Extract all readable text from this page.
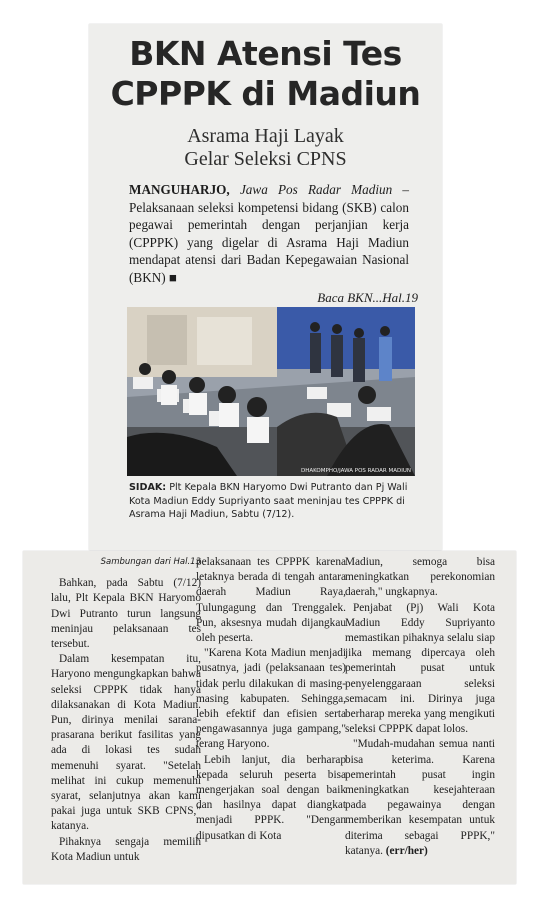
BKN Atensi Tes
CPPPK di Madiun
Asrama Haji Layak
Gelar Seleksi CPNS
MANGUHARJO, Jawa Pos Radar Madiun – Pelaksanaan seleksi kompetensi bidang (SKB) calon pegawai pemerintah dengan perjanjian kerja (CPPPK) yang digelar di Asrama Haji Madiun mendapat atensi dari Badan Kepegawaian Nasional (BKN) ■
Baca BKN...Hal.19
DHAKOMPHO/JAWA POS RADAR MADIUN
SIDAK: Plt Kepala BKN Haryomo Dwi Putranto dan Pj Wali Kota Madiun Eddy Supriyanto saat meninjau tes CPPPK di Asrama Haji Madiun, Sabtu (7/12).

Sambungan dari Hal.13

Bahkan, pada Sabtu (7/12) lalu, Plt Kepala BKN Haryomo Dwi Putranto turun langsung meninjau pelaksanaan tes tersebut.

Dalam kesempatan itu, Haryono mengungkapkan bahwa seleksi CPPPK tidak hanya dilaksanakan di Kota Madiun. Pun, dirinya menilai sarana-prasarana berikut fasilitas yang ada di lokasi tes sudah memenuhi syarat. "Setelah melihat ini cukup memenuhi syarat, selanjutnya akan kami pakai juga untuk SKB CPNS," katanya.

Pihaknya sengaja memilih Kota Madiun untuk

pelaksanaan tes CPPPK karena letaknya berada di tengah antara daerah Madiun Raya, Tulungagung dan Trenggalek. Pun, aksesnya mudah dijangkau oleh peserta.

"Karena Kota Madiun menjadi pusatnya, jadi (pelaksanaan tes) tidak perlu dilakukan di masing-masing kabupaten. Sehingga, lebih efektif dan efisien serta pengawasannya juga gampang," terang Haryono.

Lebih lanjut, dia berharap kepada seluruh peserta bisa mengerjakan soal dengan baik dan hasilnya dapat diangkat menjadi PPPK. "Dengan dipusatkan di Kota

Madiun, semoga bisa meningkatkan perekonomian daerah," ungkapnya.

Penjabat (Pj) Wali Kota Madiun Eddy Supriyanto memastikan pihaknya selalu siap jika memang dipercaya oleh pemerintah pusat untuk penyelenggaraan seleksi semacam ini. Dirinya juga berharap mereka yang mengikuti seleksi CPPPK dapat lolos.

"Mudah-mudahan semua nanti bisa keterima. Karena pemerintah pusat ingin meningkatkan kesejahteraan pada pegawainya dengan memberikan kesempatan untuk diterima sebagai PPPK," katanya. (err/her)
